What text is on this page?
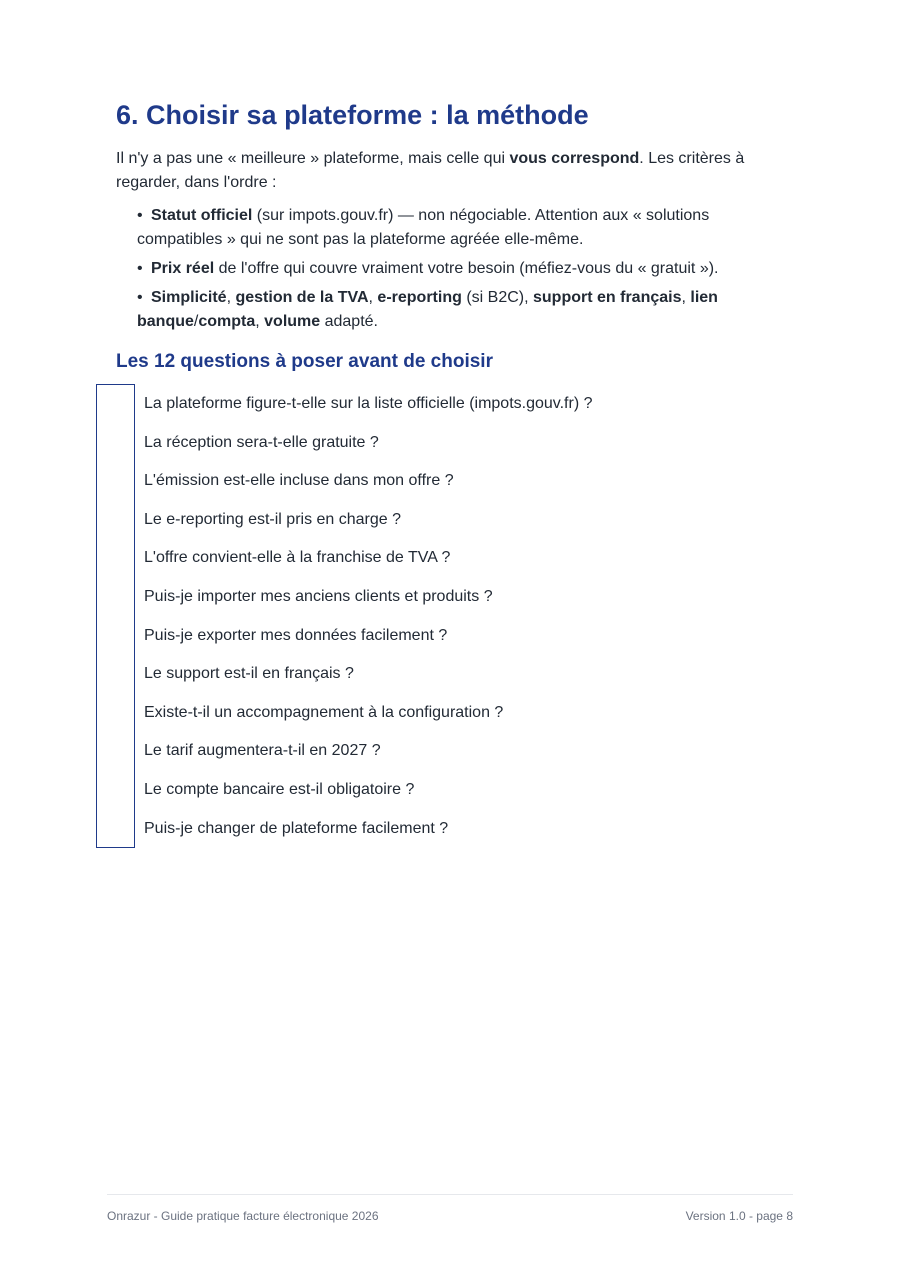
6. Choisir sa plateforme : la méthode

Il n'y a pas une « meilleure » plateforme, mais celle qui vous correspond. Les critères à regarder, dans l'ordre :

• Statut officiel (sur impots.gouv.fr) — non négociable. Attention aux « solutions compatibles » qui ne sont pas la plateforme agréée elle-même.
• Prix réel de l'offre qui couvre vraiment votre besoin (méfiez-vous du « gratuit »).
• Simplicité, gestion de la TVA, e-reporting (si B2C), support en français, lien banque/compta, volume adapté.
Les 12 questions à poser avant de choisir
La plateforme figure-t-elle sur la liste officielle (impots.gouv.fr) ?
La réception sera-t-elle gratuite ?
L'émission est-elle incluse dans mon offre ?
Le e-reporting est-il pris en charge ?
L'offre convient-elle à la franchise de TVA ?
Puis-je importer mes anciens clients et produits ?
Puis-je exporter mes données facilement ?
Le support est-il en français ?
Existe-t-il un accompagnement à la configuration ?
Le tarif augmentera-t-il en 2027 ?
Le compte bancaire est-il obligatoire ?
Puis-je changer de plateforme facilement ?
Onrazur - Guide pratique facture électronique 2026	Version 1.0 - page 8
